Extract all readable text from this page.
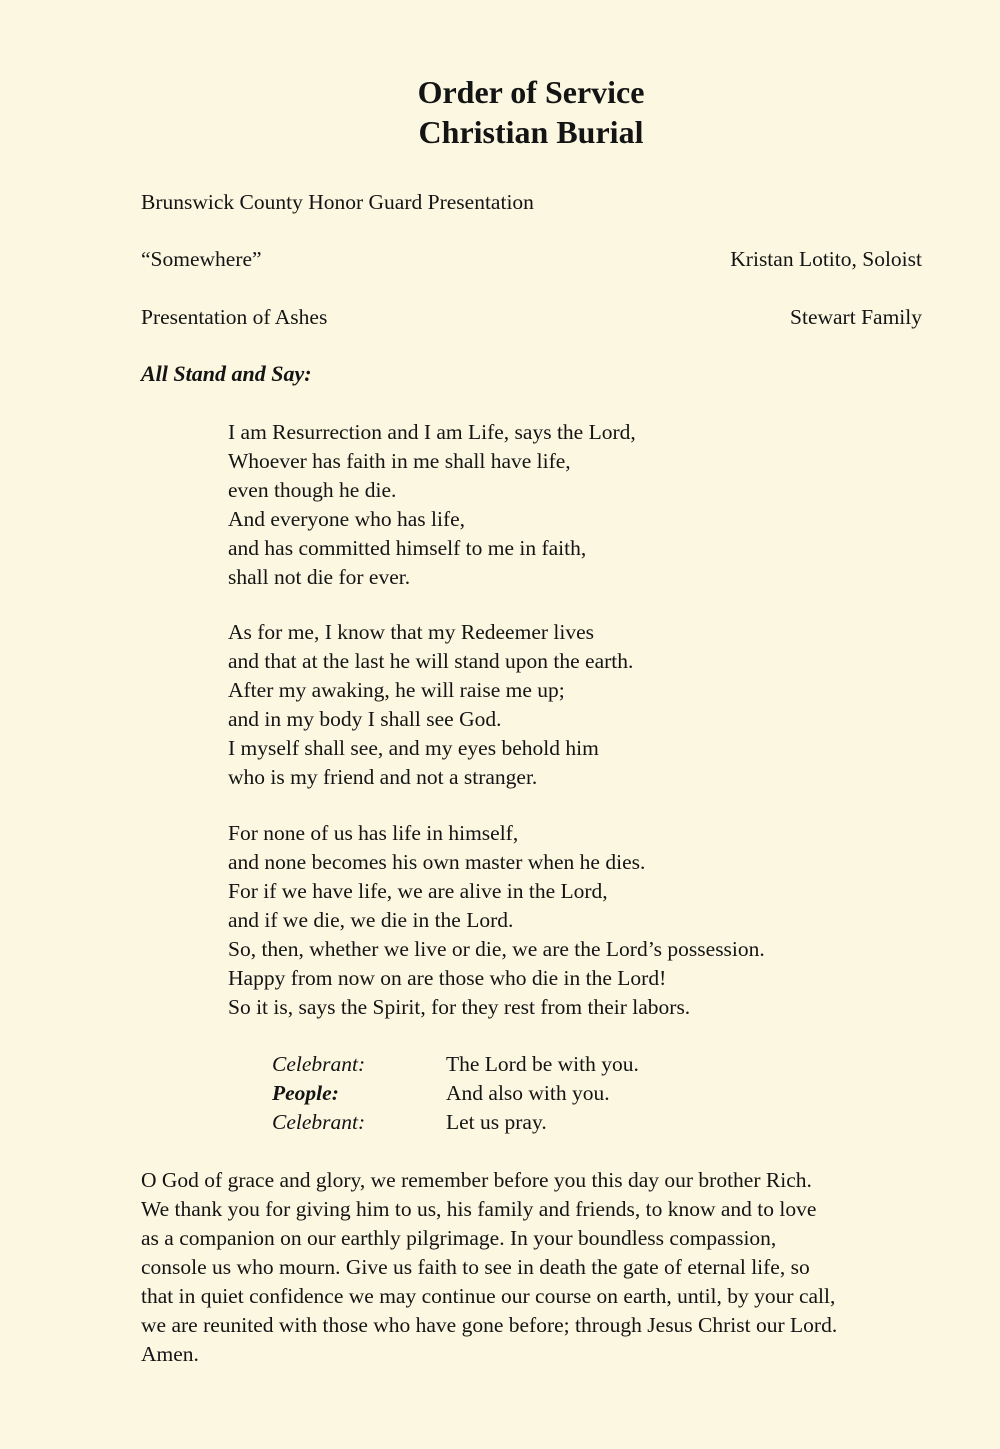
Order of Service
Christian Burial
Brunswick County Honor Guard Presentation
“Somewhere”	Kristan Lotito, Soloist
Presentation of Ashes	Stewart Family
All Stand and Say:
I am Resurrection and I am Life, says the Lord,
Whoever has faith in me shall have life,
even though he die.
And everyone who has life,
and has committed himself to me in faith,
shall not die for ever.
As for me, I know that my Redeemer lives
and that at the last he will stand upon the earth.
After my awaking, he will raise me up;
and in my body I shall see God.
I myself shall see, and my eyes behold him
who is my friend and not a stranger.
For none of us has life in himself,
and none becomes his own master when he dies.
For if we have life, we are alive in the Lord,
and if we die, we die in the Lord.
So, then, whether we live or die, we are the Lord’s possession.
Happy from now on are those who die in the Lord!
So it is, says the Spirit, for they rest from their labors.
Celebrant:	The Lord be with you.
People:	And also with you.
Celebrant:	Let us pray.
O God of grace and glory, we remember before you this day our brother Rich.
We thank you for giving him to us, his family and friends, to know and to love
as a companion on our earthly pilgrimage. In your boundless compassion,
console us who mourn. Give us faith to see in death the gate of eternal life, so
that in quiet confidence we may continue our course on earth, until, by your call,
we are reunited with those who have gone before; through Jesus Christ our Lord.
Amen.
